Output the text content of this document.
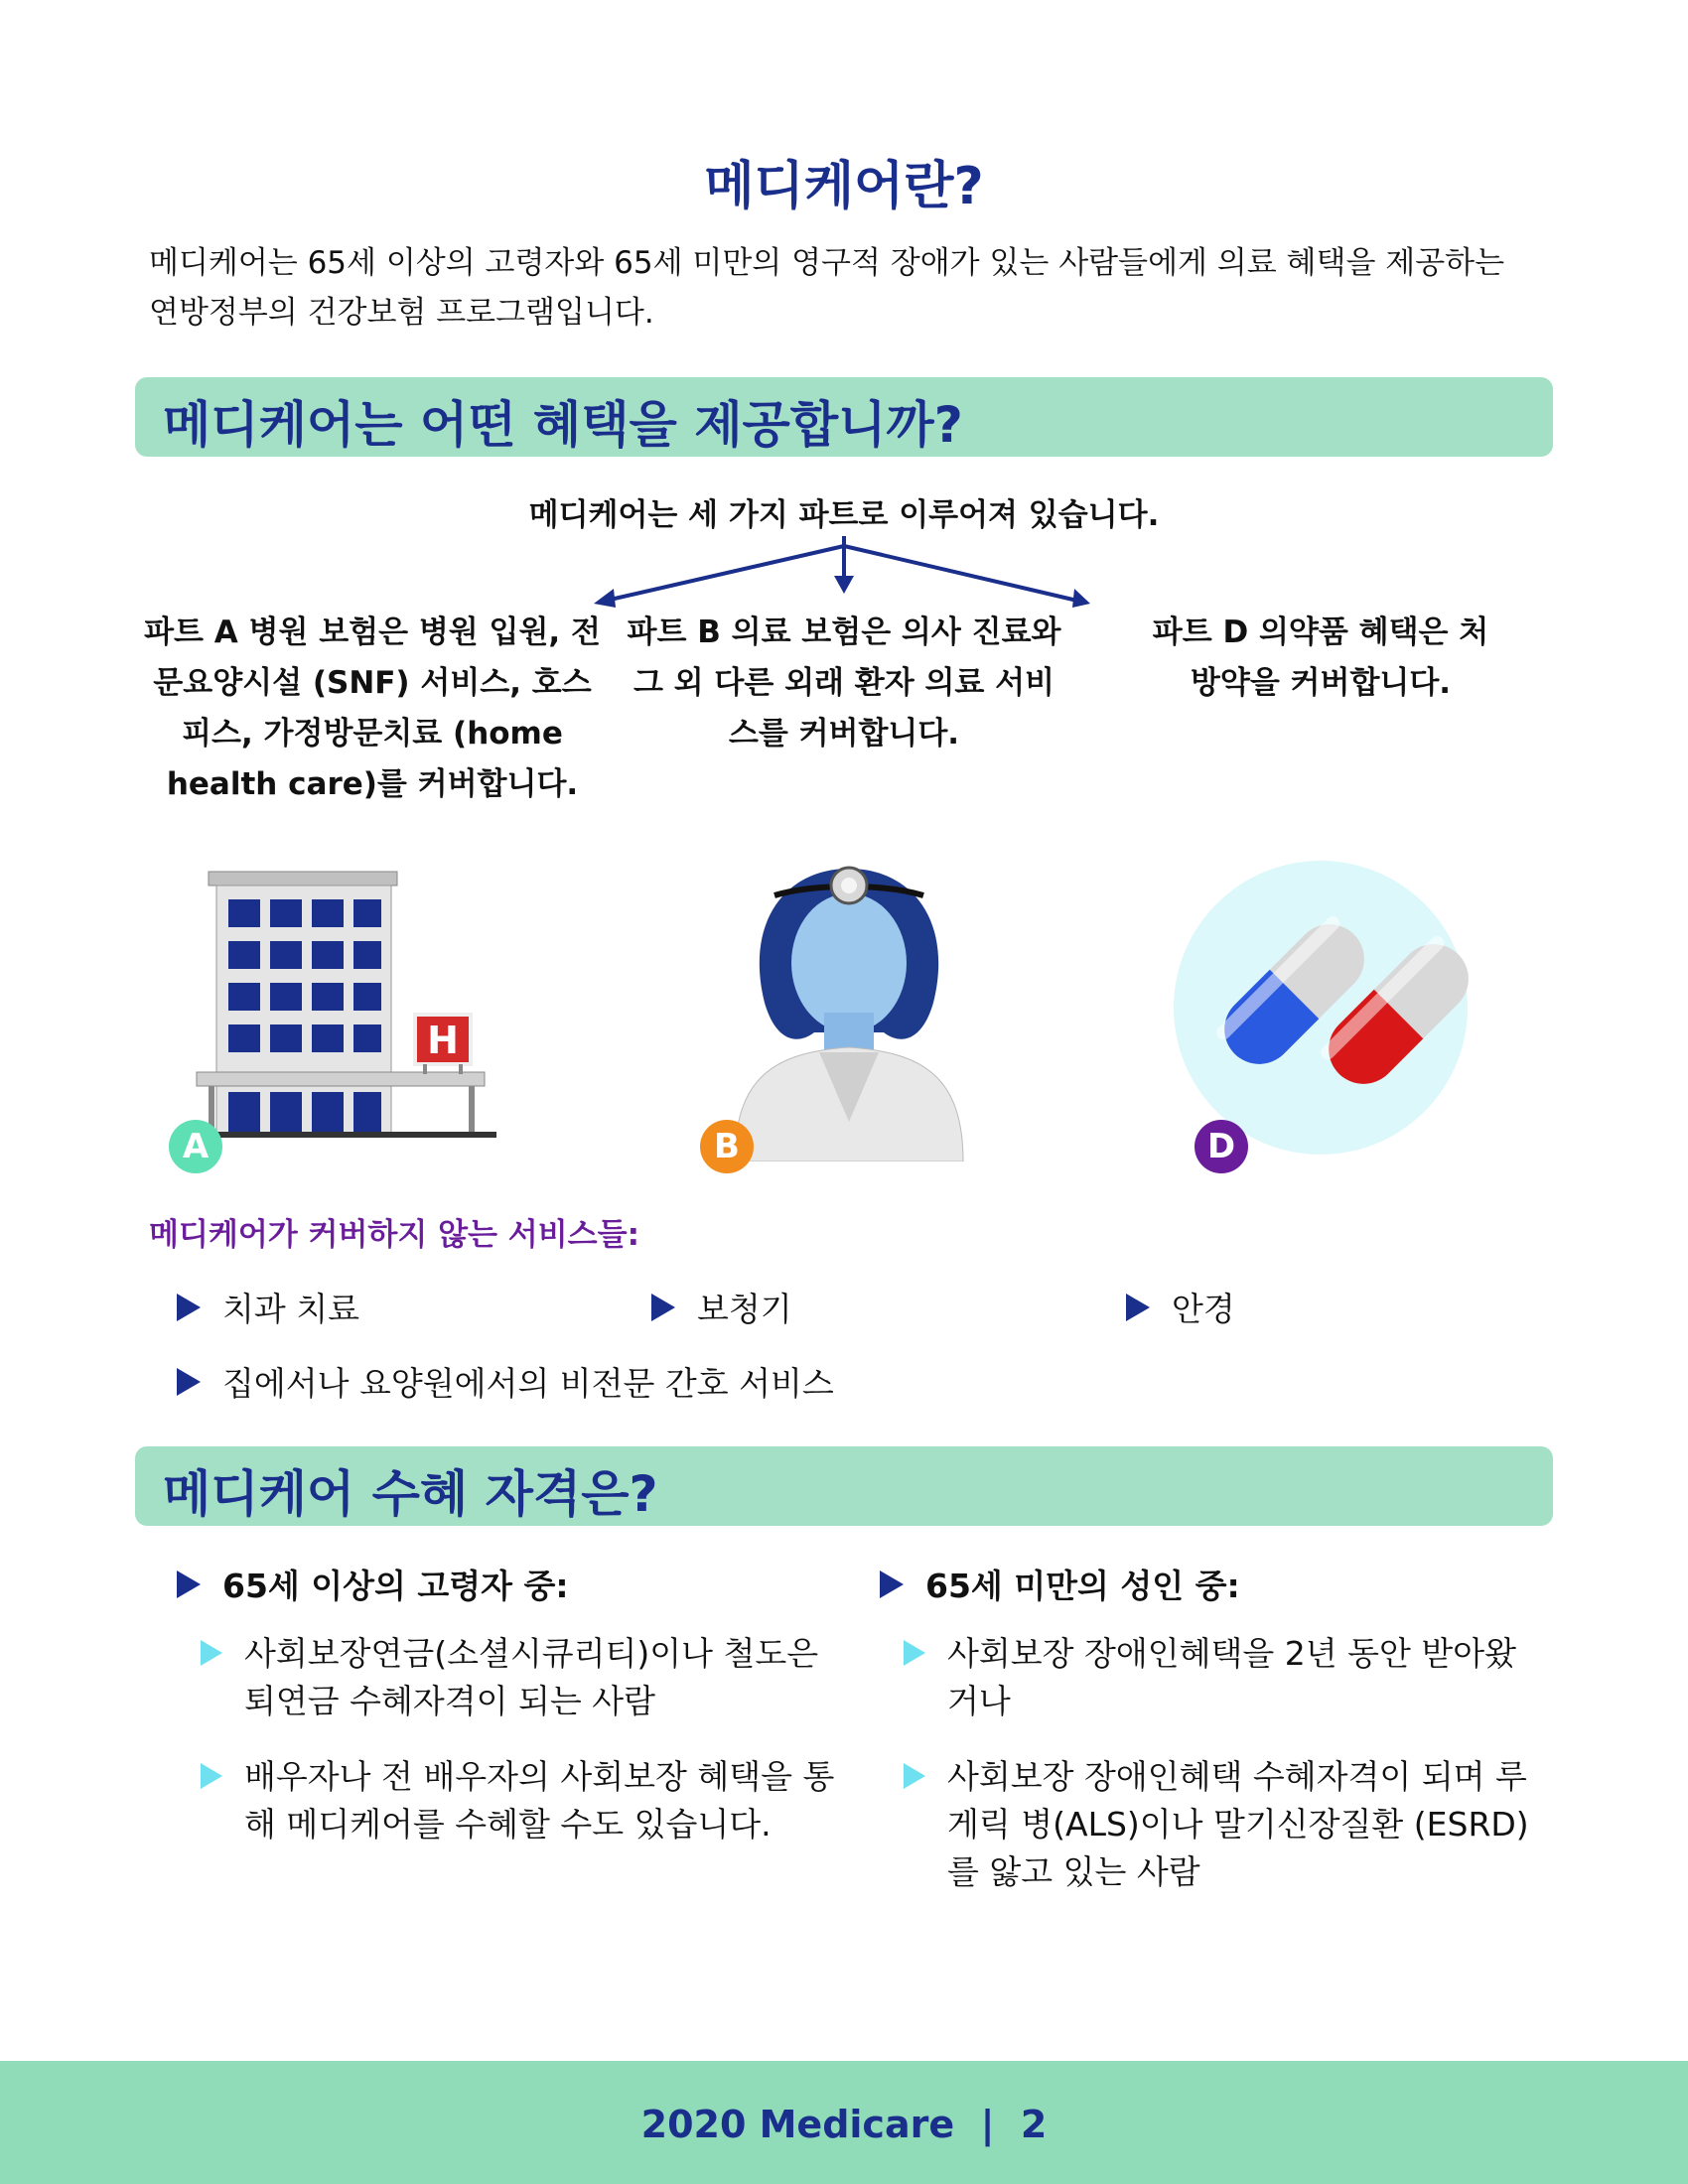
메디케어란?
메디케어는 65세 이상의 고령자와 65세 미만의 영구적 장애가 있는 사람들에게 의료 혜택을 제공하는 연방정부의 건강보험 프로그램입니다.
메디케어는 어떤 혜택을 제공합니까?
메디케어는 세 가지 파트로 이루어져 있습니다.
파트 A 병원 보험은 병원 입원, 전문요양시설 (SNF) 서비스, 호스피스, 가정방문치료 (home health care)를 커버합니다.
파트 B 의료 보험은 의사 진료와 그 외 다른 외래 환자 의료 서비스를 커버합니다.
파트 D 의약품 혜택은 처방약을 커버합니다.
H
A	B	D
메디케어가 커버하지 않는 서비스들:
치과 치료	보청기	안경
집에서나 요양원에서의 비전문 간호 서비스
메디케어 수혜 자격은?
65세 이상의 고령자 중:
사회보장연금(소셜시큐리티)이나 철도은퇴연금 수혜자격이 되는 사람
배우자나 전 배우자의 사회보장 혜택을 통해 메디케어를 수혜할 수도 있습니다.
65세 미만의 성인 중:
사회보장 장애인혜택을 2년 동안 받아왔거나
사회보장 장애인혜택 수혜자격이 되며 루게릭 병(ALS)이나 말기신장질환 (ESRD)를 앓고 있는 사람
2020 Medicare  |  2
